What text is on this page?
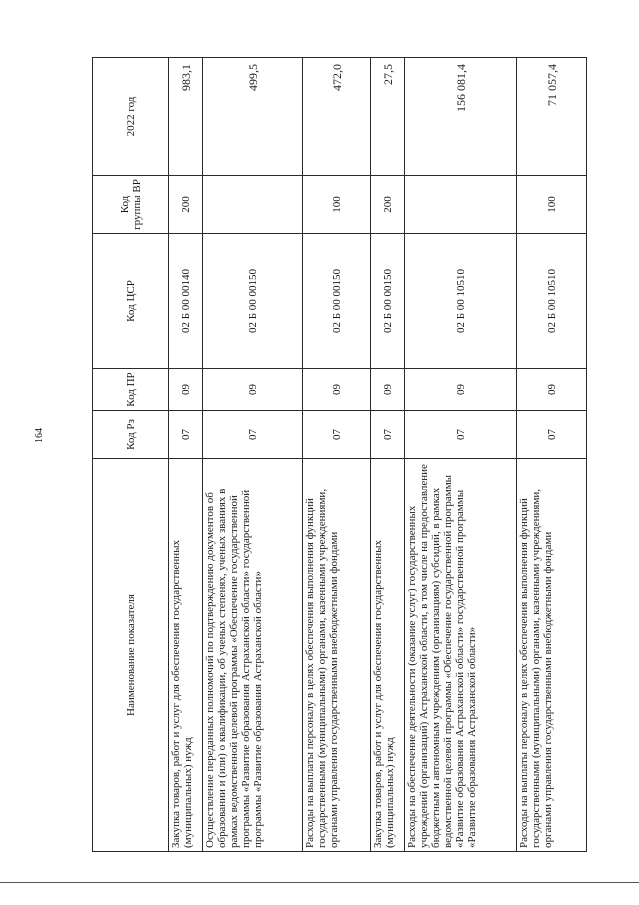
164
Наименование показателя	Код Рз	Код ПР	Код ЦСР	Код группы ВР	2022 год
Закупка товаров, работ и услуг для обеспечения государственных (муниципальных) нужд	07	09	02 Б 00 00140	200	983,1
Осуществление переданных полномочий по подтверждению документов об образовании и (или) о квалификации, об ученых степенях, ученых званиях в рамках ведомственной целевой программы «Обеспечение государственной программы «Развитие образования Астраханской области» государственной программы «Развитие образования Астраханской области»	07	09	02 Б 00 00150		499,5
Расходы на выплаты персоналу в целях обеспечения выполнения функций государственными (муниципальными) органами, казенными учреждениями, органами управления государственными внебюджетными фондами	07	09	02 Б 00 00150	100	472,0
Закупка товаров, работ и услуг для обеспечения государственных (муниципальных) нужд	07	09	02 Б 00 00150	200	27,5
Расходы на обеспечение деятельности (оказание услуг) государственных учреждений (организаций) Астраханской области, в том числе на предоставление бюджетным и автономным учреждениям (организациям) субсидий, в рамках ведомственной целевой программы «Обеспечение государственной программы «Развитие образования Астраханской области» государственной программы «Развитие образования Астраханской области»	07	09	02 Б 00 10510		156 081,4
Расходы на выплаты персоналу в целях обеспечения выполнения функций государственными (муниципальными) органами, казенными учреждениями, органами управления государственными внебюджетными фондами	07	09	02 Б 00 10510	100	71 057,4
